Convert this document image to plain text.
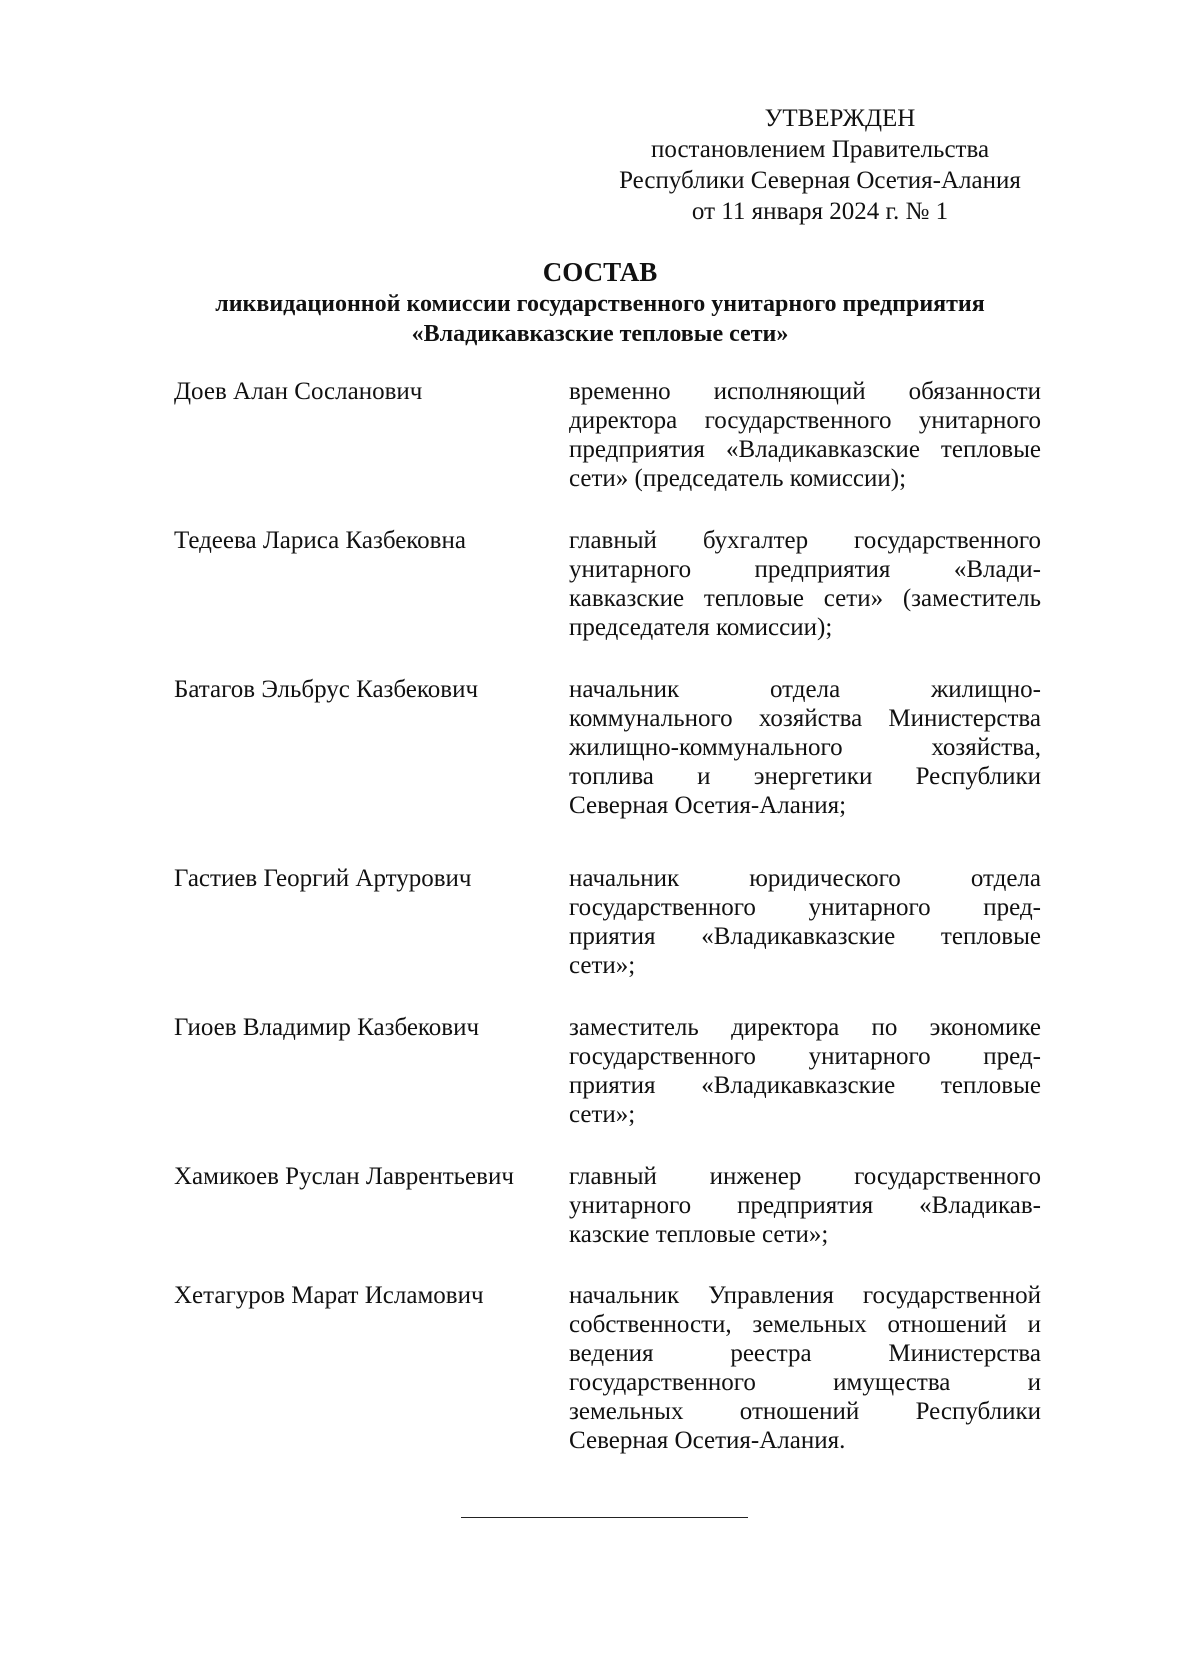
УТВЕРЖДЕН
постановлением Правительства
Республики Северная Осетия-Алания
от 11 января 2024 г. № 1
СОСТАВ
ликвидационной комиссии государственного унитарного предприятия
«Владикавказские тепловые сети»
Доев Алан Сосланович	временно исполняющий обязанности
директора государственного унитарного
предприятия «Владикавказские тепловые
сети» (председатель комиссии);
Тедеева Лариса Казбековна	главный бухгалтер государственного
унитарного предприятия «Влади-
кавказские тепловые сети» (заместитель
председателя комиссии);
Батагов Эльбрус Казбекович	начальник отдела жилищно-
коммунального хозяйства Министерства
жилищно-коммунального хозяйства,
топлива и энергетики Республики
Северная Осетия-Алания;
Гастиев Георгий Артурович	начальник юридического отдела
государственного унитарного пред-
приятия «Владикавказские тепловые
сети»;
Гиоев Владимир Казбекович	заместитель директора по экономике
государственного унитарного пред-
приятия «Владикавказские тепловые
сети»;
Хамикоев Руслан Лаврентьевич	главный инженер государственного
унитарного предприятия «Владикав-
казские тепловые сети»;
Хетагуров Марат Исламович	начальник Управления государственной
собственности, земельных отношений и
ведения реестра Министерства
государственного имущества и
земельных отношений Республики
Северная Осетия-Алания.
